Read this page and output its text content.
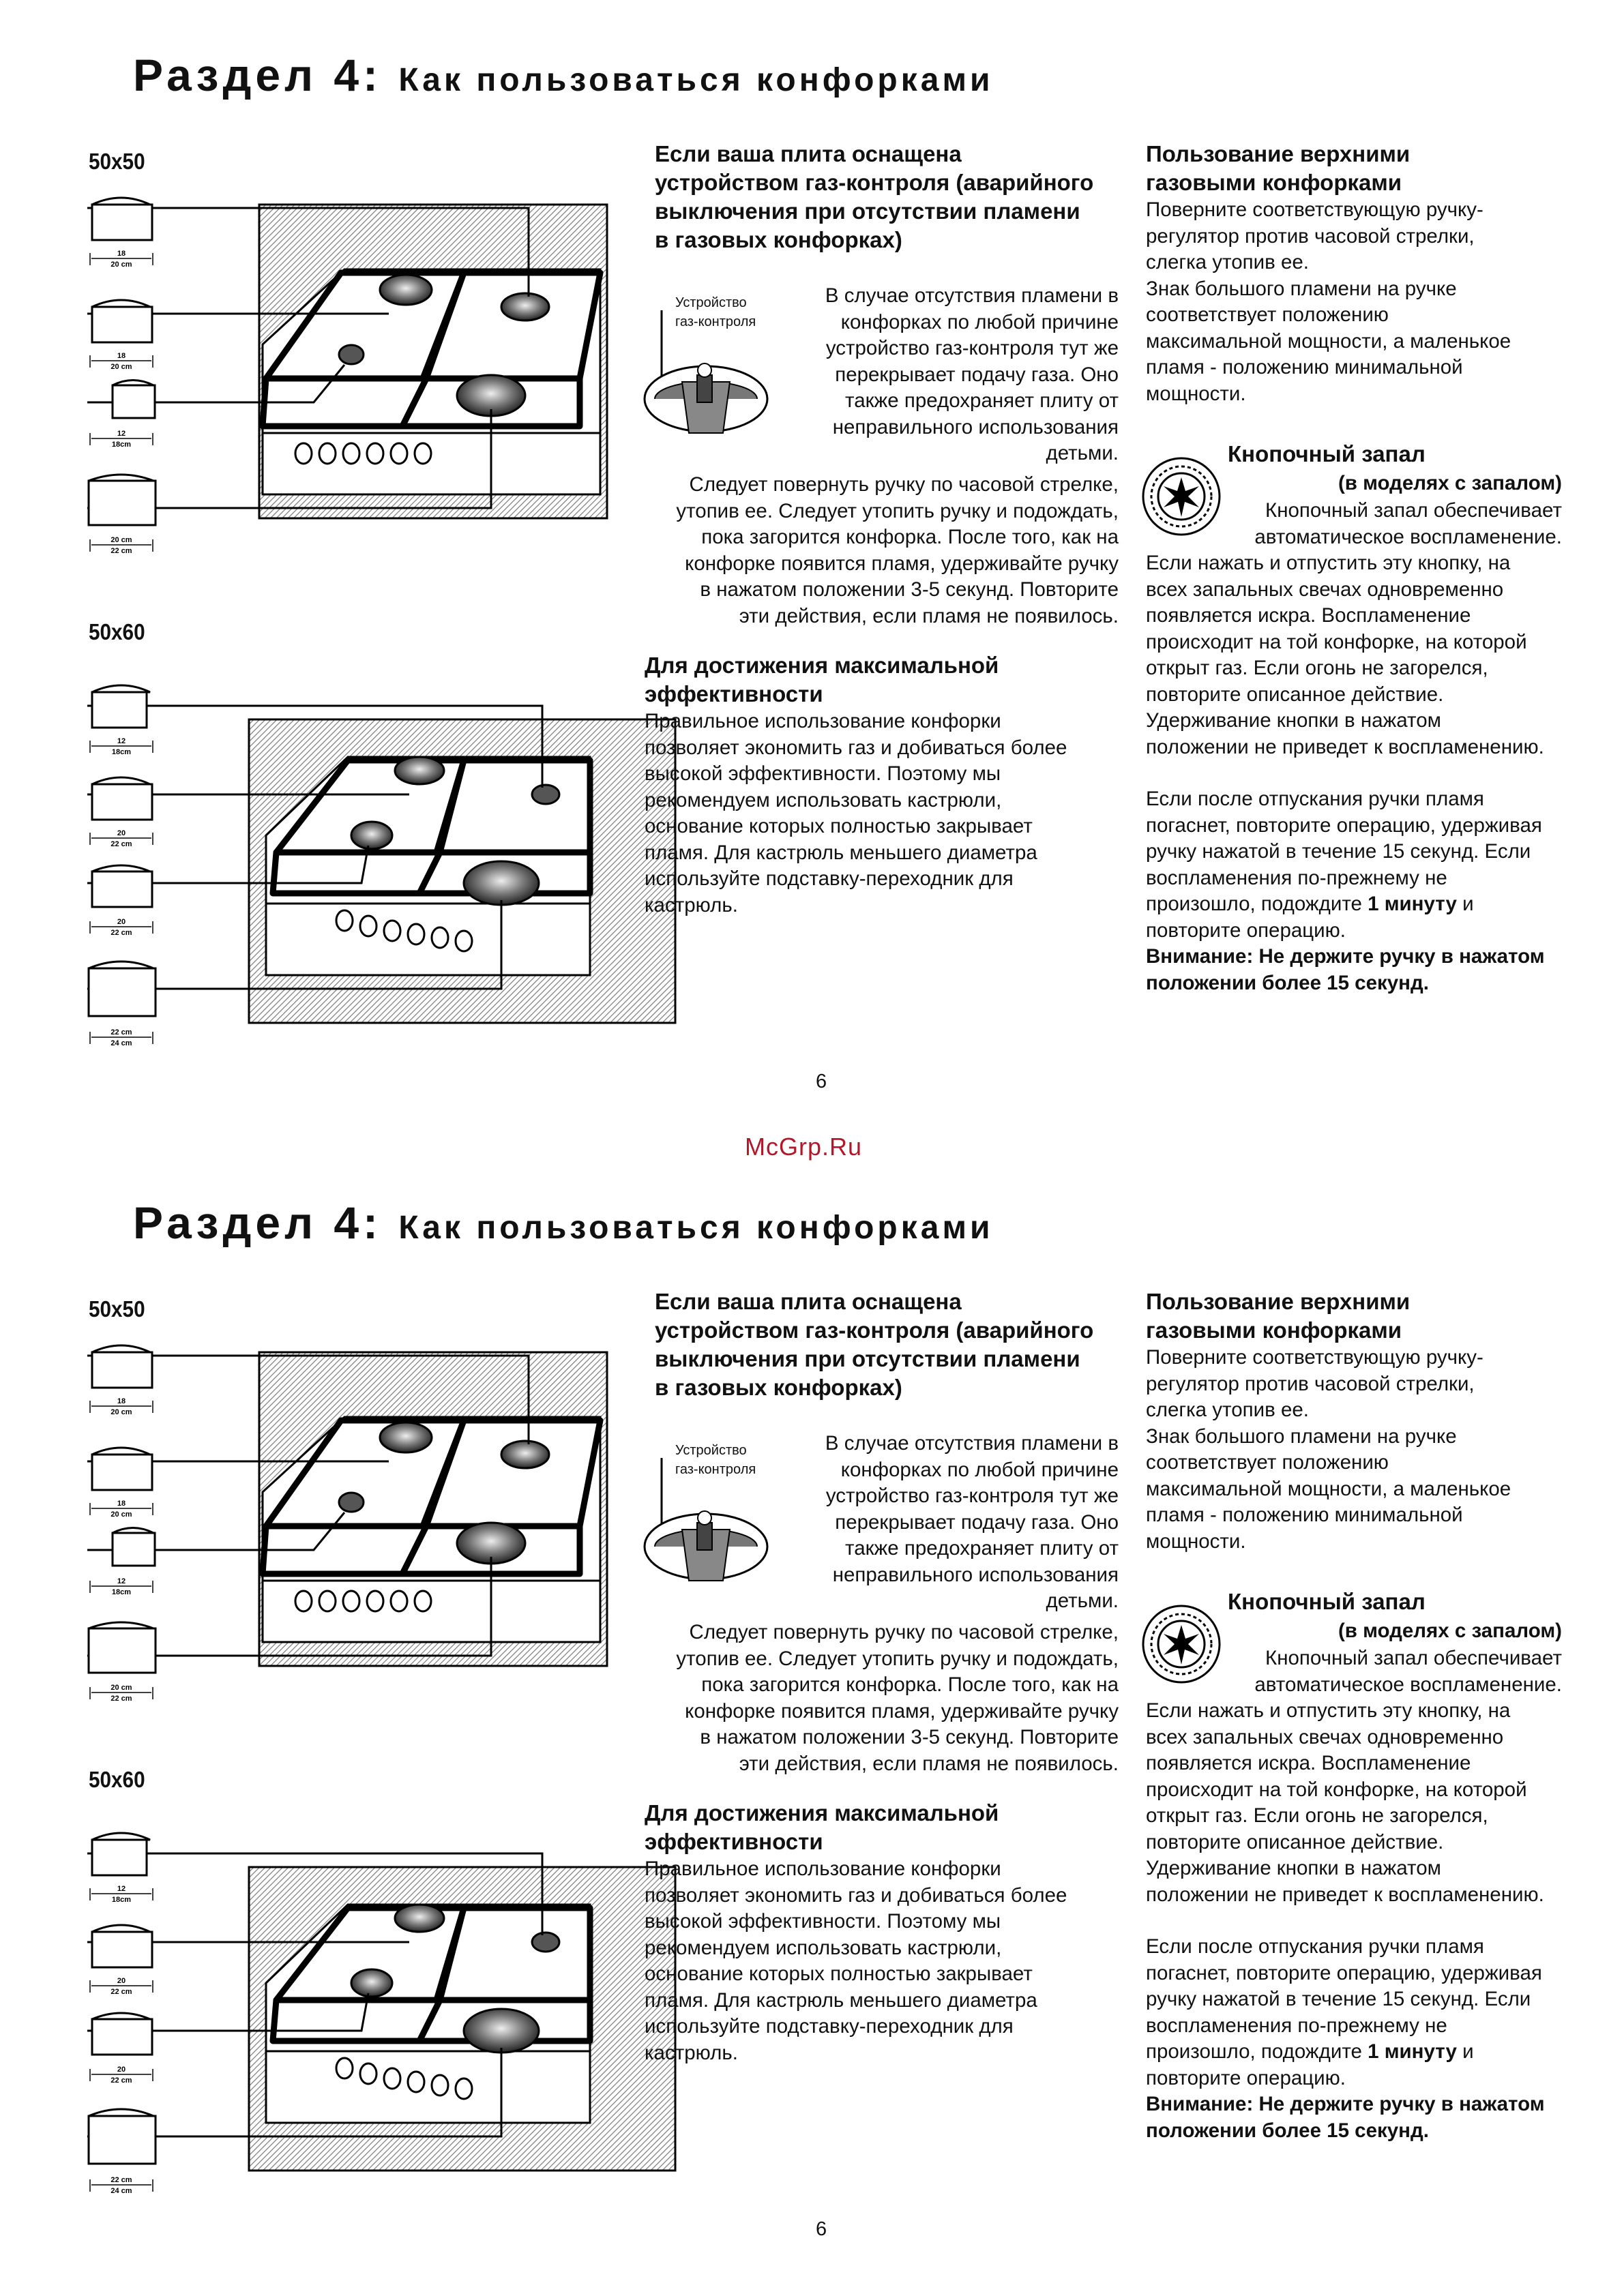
Раздел 4: Как пользоваться конфорками
50x50
50x60
18
20 cm
18
20 cm
12
18cm
20 cm
22 cm
12
18cm
20
22 cm
20
22 cm
22 cm
24 cm
Если ваша плита оснащена
устройством газ-контроля (аварийного
выключения при отсутствии пламени
в газовых конфорках)
Устройство
газ-контроля

В случае отсутствия пламени в

конфорках по любой причине

устройство газ-контроля тут же

перекрывает подачу газа. Оно

также предохраняет плиту от

неправильного использования

детьми.

Следует повернуть ручку по часовой стрелке,

утопив ее. Следует утопить ручку и подождать,

пока загорится конфорка. После того, как на

конфорке появится пламя, удерживайте ручку

в нажатом положении 3-5 секунд. Повторите

эти действия, если пламя не появилось.

Для достижения максимальной
эффективности

Правильное использование конфорки

позволяет экономить газ и добиваться более

высокой эффективности. Поэтому мы

рекомендуем использовать кастрюли,

основание которых полностью закрывает

пламя. Для кастрюль меньшего диаметра

используйте подставку-переходник для

кастрюль.

Пользование верхними
газовыми конфорками

Поверните соответствующую ручку-

регулятор против часовой стрелки,

слегка утопив ее.

Знак большого пламени на ручке

соответствует положению

максимальной мощности, а маленькое

пламя - положению минимальной

мощности.

Кнопочный запал
(в моделях с запалом)

Кнопочный запал обеспечивает

автоматическое воспламенение.

Если нажать и отпустить эту кнопку, на

всех запальных свечах одновременно

появляется искра. Воспламенение

происходит на той конфорке, на которой

открыт газ. Если огонь не загорелся,

повторите описанное действие.

Удерживание кнопки в нажатом

положении не приведет к воспламенению.

Если после отпускания ручки пламя

погаснет, повторите операцию, удерживая

ручку нажатой в течение 15 секунд. Если

воспламенения по-прежнему не

произошло, подождите 1 минуту и

повторите операцию.

Внимание: Не держите ручку в нажатом

положении более 15 секунд.

6
McGrp.Ru
Раздел 4: Как пользоваться конфорками
50x50
50x60
18
20 cm
18
20 cm
12
18cm
20 cm
22 cm
12
18cm
20
22 cm
20
22 cm
22 cm
24 cm
Если ваша плита оснащена
устройством газ-контроля (аварийного
выключения при отсутствии пламени
в газовых конфорках)
Устройство
газ-контроля

В случае отсутствия пламени в

конфорках по любой причине

устройство газ-контроля тут же

перекрывает подачу газа. Оно

также предохраняет плиту от

неправильного использования

детьми.

Следует повернуть ручку по часовой стрелке,

утопив ее. Следует утопить ручку и подождать,

пока загорится конфорка. После того, как на

конфорке появится пламя, удерживайте ручку

в нажатом положении 3-5 секунд. Повторите

эти действия, если пламя не появилось.

Для достижения максимальной
эффективности

Правильное использование конфорки

позволяет экономить газ и добиваться более

высокой эффективности. Поэтому мы

рекомендуем использовать кастрюли,

основание которых полностью закрывает

пламя. Для кастрюль меньшего диаметра

используйте подставку-переходник для

кастрюль.

Пользование верхними
газовыми конфорками

Поверните соответствующую ручку-

регулятор против часовой стрелки,

слегка утопив ее.

Знак большого пламени на ручке

соответствует положению

максимальной мощности, а маленькое

пламя - положению минимальной

мощности.

Кнопочный запал
(в моделях с запалом)

Кнопочный запал обеспечивает

автоматическое воспламенение.

Если нажать и отпустить эту кнопку, на

всех запальных свечах одновременно

появляется искра. Воспламенение

происходит на той конфорке, на которой

открыт газ. Если огонь не загорелся,

повторите описанное действие.

Удерживание кнопки в нажатом

положении не приведет к воспламенению.

Если после отпускания ручки пламя

погаснет, повторите операцию, удерживая

ручку нажатой в течение 15 секунд. Если

воспламенения по-прежнему не

произошло, подождите 1 минуту и

повторите операцию.

Внимание: Не держите ручку в нажатом

положении более 15 секунд.

6
